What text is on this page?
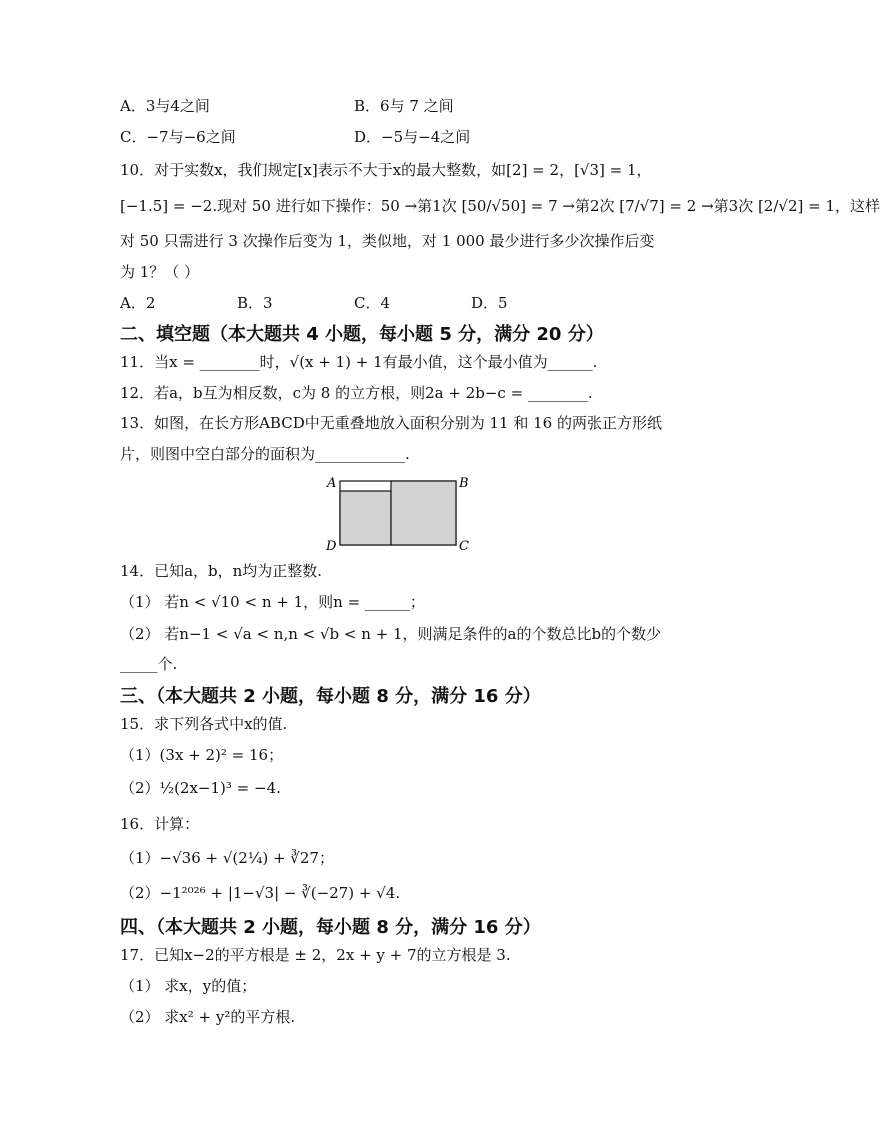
A．3与4之间	B．6与 7 之间
C．−7与−6之间	D．−5与−4之间
10．对于实数x，我们规定[x]表示不大于x的最大整数，如[2] = 2，[√3] = 1，
[−1.5] = −2.现对 50 进行如下操作：50 →第1次 [50/√50] = 7 →第2次 [7/√7] = 2 →第3次 [2/√2] = 1，这样
对 50 只需进行 3 次操作后变为 1，类似地，对 1 000 最少进行多少次操作后变
为 1？（ ）
A．2	B．3	C．4	D．5
二、填空题（本大题共 4 小题，每小题 5 分，满分 20 分）
11．当x = ________时，√(x + 1) + 1有最小值，这个最小值为______.
12．若a，b互为相反数，c为 8 的立方根，则2a + 2b−c = ________.
13．如图，在长方形ABCD中无重叠地放入面积分别为 11 和 16 的两张正方形纸
片，则图中空白部分的面积为____________.
A	B
D	C
14．已知a，b，n均为正整数.
（1） 若n < √10 < n + 1，则n = ______；
（2） 若n−1 < √a < n,n < √b < n + 1，则满足条件的a的个数总比b的个数少
_____个.
三、（本大题共 2 小题，每小题 8 分，满分 16 分）
15．求下列各式中x的值.
（1）(3x + 2)² = 16；
（2）½(2x−1)³ = −4.
16．计算：
（1）−√36 + √(2¼) + ∛27；
（2）−1²⁰²⁶ + |1−√3| − ∛(−27) + √4.
四、（本大题共 2 小题，每小题 8 分，满分 16 分）
17．已知x−2的平方根是 ± 2，2x + y + 7的立方根是 3.
（1） 求x，y的值；
（2） 求x² + y²的平方根.
